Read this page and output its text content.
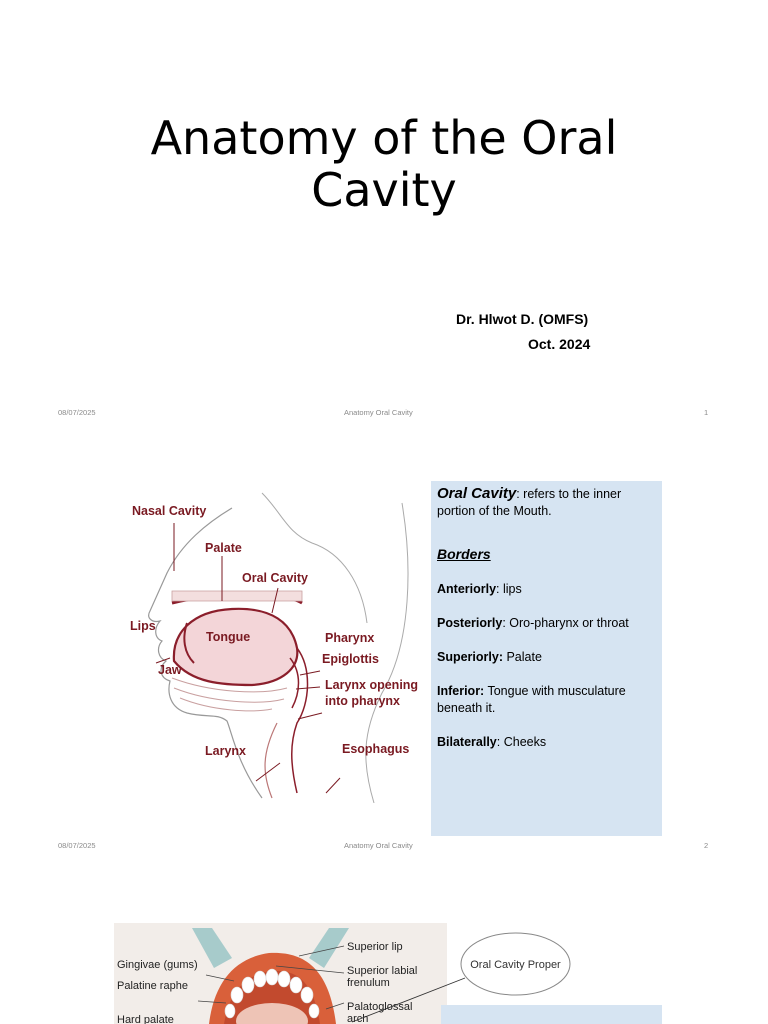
Anatomy of the Oral Cavity
Dr. Hlwot D. (OMFS)
Oct. 2024
08/07/2025	Anatomy Oral Cavity	1
Nasal Cavity
Palate
Oral Cavity
Lips
Tongue	Pharynx
Jaw
Epiglottis
Larynx opening
into pharynx
Larynx	Esophagus

Oral Cavity: refers to the inner portion of the Mouth.

Borders

Anteriorly: lips

Posteriorly: Oro-pharynx or throat

Superiorly: Palate

Inferior: Tongue with musculature beneath it.

Bilaterally: Cheeks

08/07/2025	Anatomy Oral Cavity	2
Superior lip
Gingivae (gums)	Superior labial
frenulum
Palatine raphe
Palatoglossal
arch
Hard palate
Oral Cavity Proper
